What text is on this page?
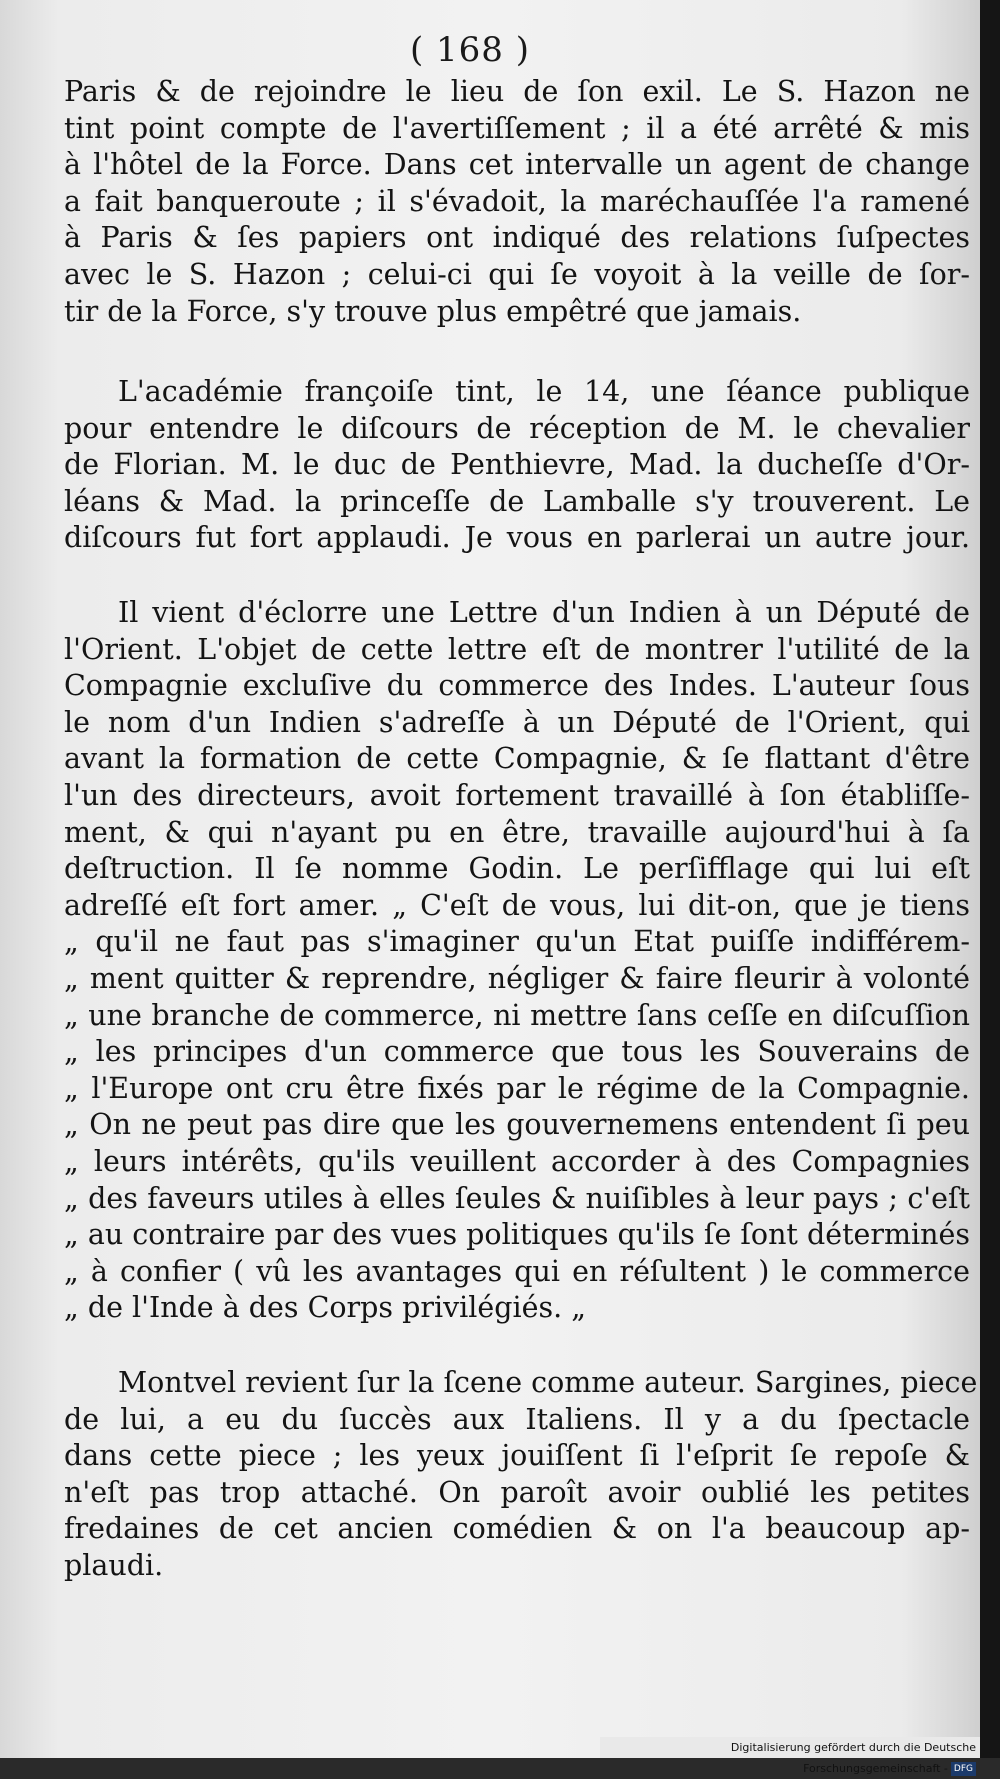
( 168 )
Paris & de rejoindre le lieu de ſon exil. Le S. Hazon ne
tint point compte de l'avertiſſement ; il a été arrêté & mis
à l'hôtel de la Force. Dans cet intervalle un agent de change
a fait banqueroute ; il s'évadoit, la maréchauſſée l'a ramené
à Paris & ſes papiers ont indiqué des relations ſuſpectes
avec le S. Hazon ; celui-ci qui ſe voyoit à la veille de ſor-
tir de la Force, s'y trouve plus empêtré que jamais.
L'académie françoiſe tint, le 14, une ſéance publique
pour entendre le diſcours de réception de M. le chevalier
de Florian. M. le duc de Penthievre, Mad. la ducheſſe d'Or-
léans & Mad. la princeſſe de Lamballe s'y trouverent. Le
diſcours fut fort applaudi. Je vous en parlerai un autre jour.
Il vient d'éclorre une Lettre d'un Indien à un Député de
l'Orient. L'objet de cette lettre eſt de montrer l'utilité de la
Compagnie excluſive du commerce des Indes. L'auteur ſous
le nom d'un Indien s'adreſſe à un Député de l'Orient, qui
avant la formation de cette Compagnie, & ſe flattant d'être
l'un des directeurs, avoit fortement travaillé à ſon établiſſe-
ment, & qui n'ayant pu en être, travaille aujourd'hui à ſa
deſtruction. Il ſe nomme Godin. Le perſifflage qui lui eſt
adreſſé eſt fort amer. „ C'eſt de vous, lui dit-on, que je tiens
„ qu'il ne faut pas s'imaginer qu'un Etat puiſſe indifférem-
„ ment quitter & reprendre, négliger & faire fleurir à volonté
„ une branche de commerce, ni mettre ſans ceſſe en diſcuſſion
„ les principes d'un commerce que tous les Souverains de
„ l'Europe ont cru être fixés par le régime de la Compagnie.
„ On ne peut pas dire que les gouvernemens entendent ſi peu
„ leurs intérêts, qu'ils veuillent accorder à des Compagnies
„ des faveurs utiles à elles ſeules & nuiſibles à leur pays ; c'eſt
„ au contraire par des vues politiques qu'ils ſe ſont déterminés
„ à confier ( vû les avantages qui en réſultent ) le commerce
„ de l'Inde à des Corps privilégiés. „
Montvel revient ſur la ſcene comme auteur. Sargines, piece
de lui, a eu du ſuccès aux Italiens. Il y a du ſpectacle
dans cette piece ; les yeux jouiſſent ſi l'eſprit ſe repoſe &
n'eſt pas trop attaché. On paroît avoir oublié les petites
fredaines de cet ancien comédien & on l'a beaucoup ap-
plaudi.
Digitalisierung gefördert durch die Deutsche Forschungsgemeinschaft - DFG
